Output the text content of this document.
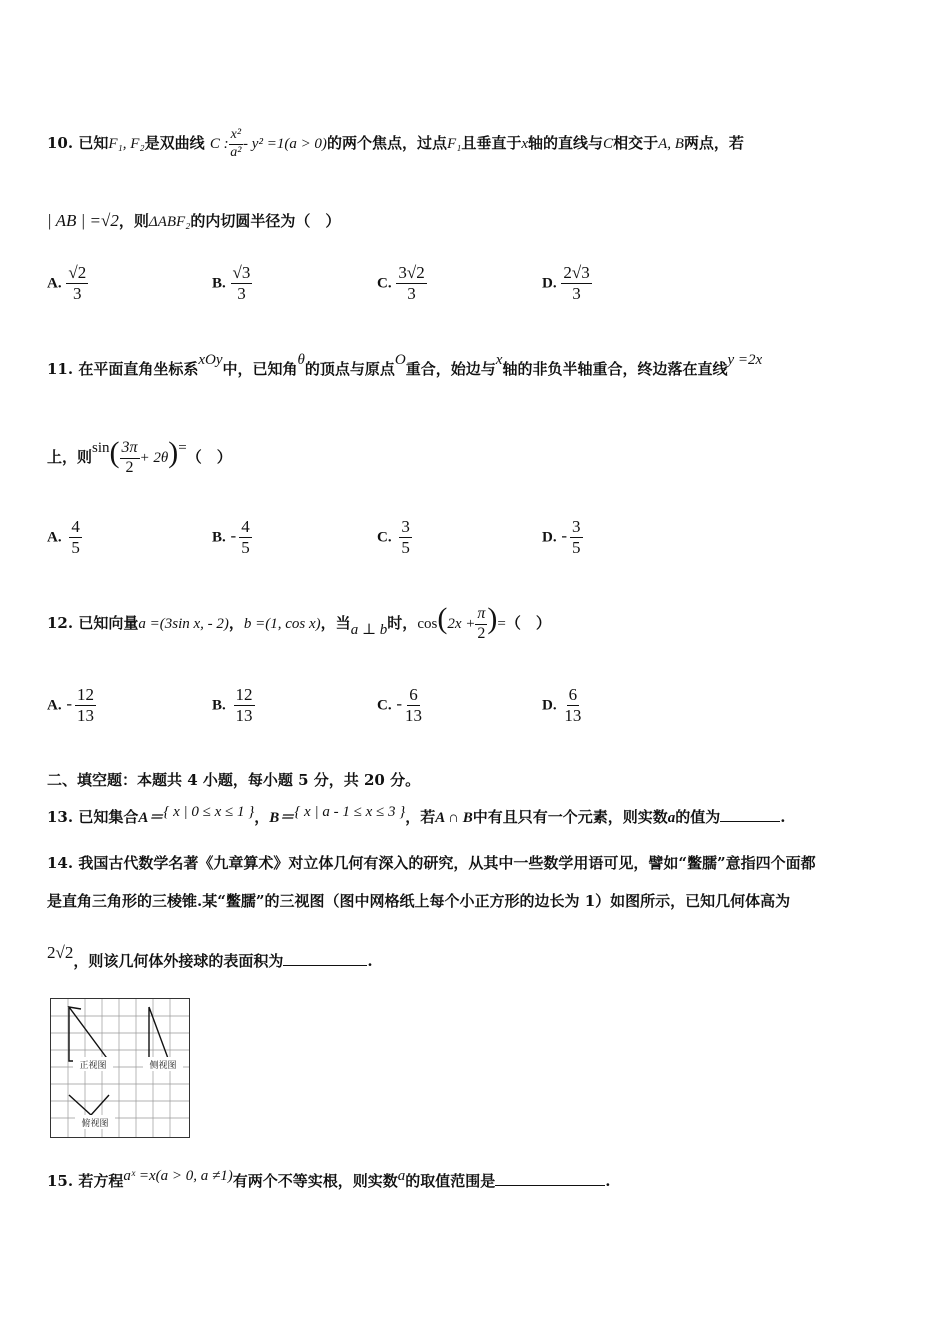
10. 已知F₁, F₂是双曲线 C : $\frac{\text{x²}}{\text{a²}} - y^2 =1(a > 0)$的两个焦点，过点F₁且垂直于x轴的直线与C相交于A, B两点，若
| AB | =√2，则ΔABF₂的内切圆半径为（　）
A. $\frac{√2}{3}$	B. $\frac{√3}{3}$	C. $\frac{3√2}{3}$	D. $\frac{2√3}{3}$
11. 在平面直角坐标系xOy中，已知角θ的顶点与原点O重合，始边与x轴的非负半轴重合，终边落在直线y =2x
上，则$\sin( \frac{3\pi}{2} + 2\theta)=$（　）
A. $\frac{4}{5}$	B. - $\frac{4}{5}$	C. $\frac{3}{5}$	D. - $\frac{3}{5}$
12. 已知向量a =(3sin x, - 2)，b =(1, cos x)，当a ⊥ b时，$\cos(2x + \frac{\pi}{2}$ )=（　）
A. - $\frac{12}{13}$	B. $\frac{12}{13}$	C. - $\frac{6}{13}$	D. $\frac{6}{13}$
二、填空题：本题共 4 小题，每小题 5 分，共 20 分。
13. 已知集合A＝{ x | 0 ≤ x ≤ 1 }，B＝{ x | a - 1 ≤ x ≤ 3 }，若A ∩ B中有且只有一个元素，则实数a的值为	.
14. 我国古代数学名著《九章算术》对立体几何有深入的研究，从其中一些数学用语可见，譬如“鳖臑”意指四个面都
是直角三角形的三棱锥.某“鳖臑”的三视图（图中网格纸上每个小正方形的边长为 1）如图所示，已知几何体高为
2√2，则该几何体外接球的表面积为	.
正视图	侧视图
俯视图
15. 若方程aˣ =x(a > 0, a ≠1)有两个不等实根，则实数a的取值范围是	.
